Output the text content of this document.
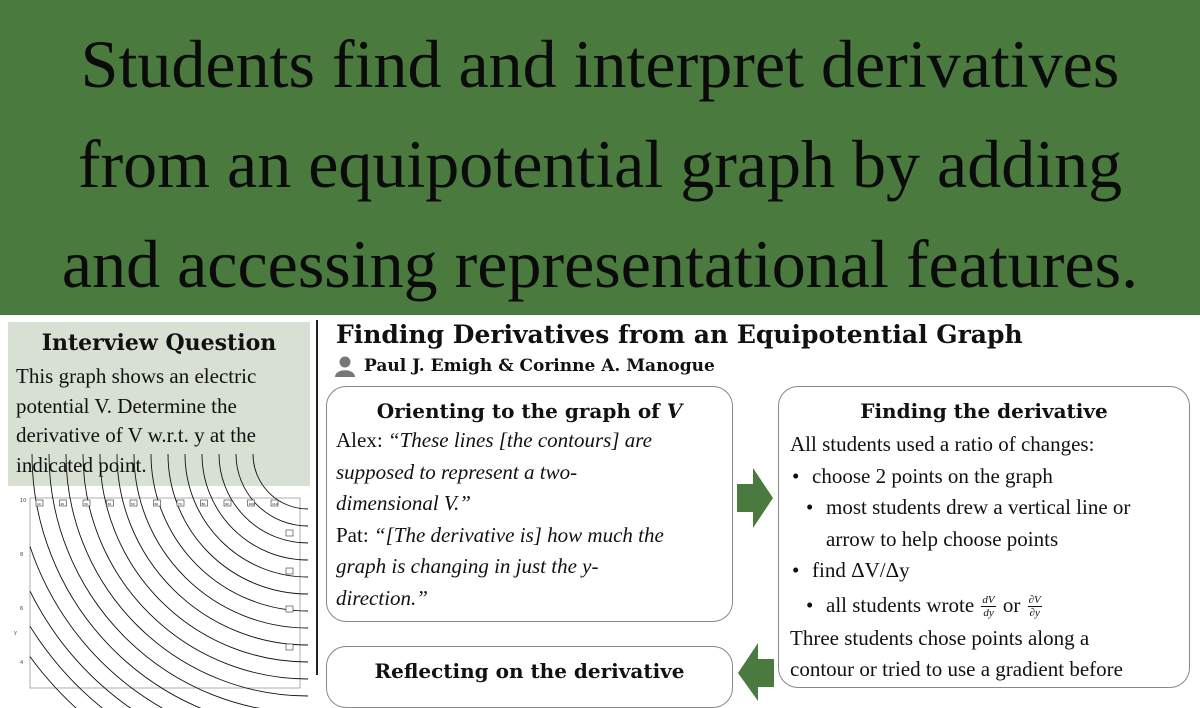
Students find and interpret derivatives
from an equipotential graph by adding
and accessing representational features.
Interview Question
This graph shows an electric
potential V. Determine the
derivative of V w.r.t. y at the
indicated point.
10	20	30	40	50	60	70	80	90	100	110
10
8
6
4
y
Finding Derivatives from an Equipotential Graph
Paul J. Emigh & Corinne A. Manogue
Orienting to the graph of V
Alex: “These lines [the contours] are
supposed to represent a two-
dimensional V.”
Pat: “[The derivative is] how much the
graph is changing in just the y-
direction.”
Finding the derivative
All students used a ratio of changes:
• choose 2 points on the graph
• most students drew a vertical line or
arrow to help choose points
• find ΔV/Δy
• all students wrote $\frac{dV}{dy}$ or $\frac{\partial V}{\partial y}$
Three students chose points along a
contour or tried to use a gradient before
Reflecting on the derivative
